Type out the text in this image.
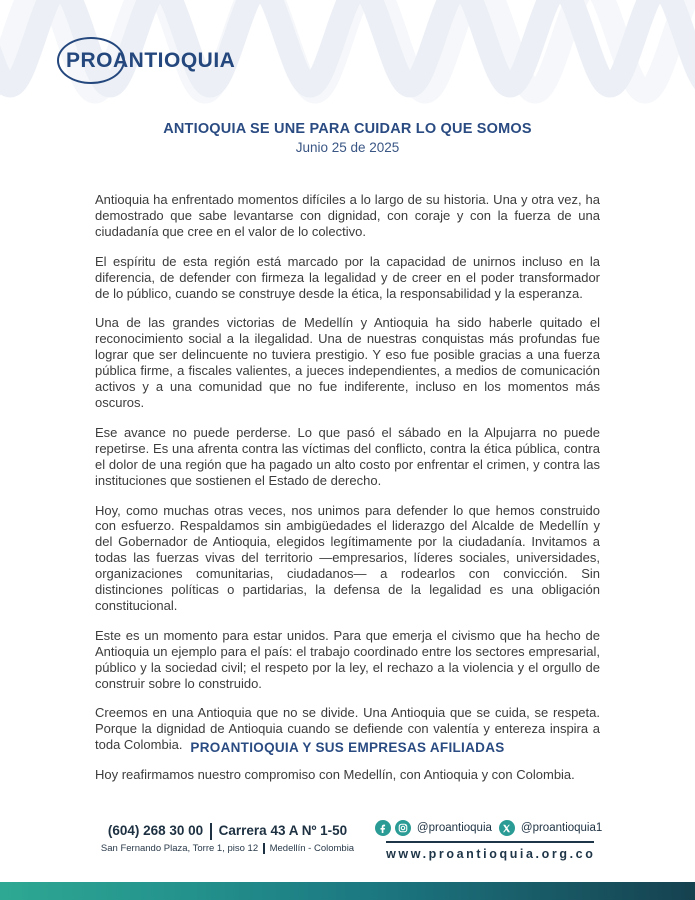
PROANTIOQUIA
ANTIOQUIA SE UNE PARA CUIDAR LO QUE SOMOS
Junio 25 de 2025

Antioquia ha enfrentado momentos difíciles a lo largo de su historia. Una y otra vez, ha demostrado que sabe levantarse con dignidad, con coraje y con la fuerza de una ciudadanía que cree en el valor de lo colectivo.

El espíritu de esta región está marcado por la capacidad de unirnos incluso en la diferencia, de defender con firmeza la legalidad y de creer en el poder transformador de lo público, cuando se construye desde la ética, la responsabilidad y la esperanza.

Una de las grandes victorias de Medellín y Antioquia ha sido haberle quitado el reconocimiento social a la ilegalidad. Una de nuestras conquistas más profundas fue lograr que ser delincuente no tuviera prestigio. Y eso fue posible gracias a una fuerza pública firme, a fiscales valientes, a jueces independientes, a medios de comunicación activos y a una comunidad que no fue indiferente, incluso en los momentos más oscuros.

Ese avance no puede perderse. Lo que pasó el sábado en la Alpujarra no puede repetirse. Es una afrenta contra las víctimas del conflicto, contra la ética pública, contra el dolor de una región que ha pagado un alto costo por enfrentar el crimen, y contra las instituciones que sostienen el Estado de derecho.

Hoy, como muchas otras veces, nos unimos para defender lo que hemos construido con esfuerzo. Respaldamos sin ambigüedades el liderazgo del Alcalde de Medellín y del Gobernador de Antioquia, elegidos legítimamente por la ciudadanía. Invitamos a todas las fuerzas vivas del territorio —empresarios, líderes sociales, universidades, organizaciones comunitarias, ciudadanos— a rodearlos con convicción. Sin distinciones políticas o partidarias, la defensa de la legalidad es una obligación constitucional.

Este es un momento para estar unidos. Para que emerja el civismo que ha hecho de Antioquia un ejemplo para el país: el trabajo coordinado entre los sectores empresarial, público y la sociedad civil; el respeto por la ley, el rechazo a la violencia y el orgullo de construir sobre lo construido.

Creemos en una Antioquia que no se divide. Una Antioquia que se cuida, se respeta. Porque la dignidad de Antioquia cuando se defiende con valentía y entereza inspira a toda Colombia.

Hoy reafirmamos nuestro compromiso con Medellín, con Antioquia y con Colombia.

PROANTIOQUIA Y SUS EMPRESAS AFILIADAS
(604) 268 30 00 Carrera 43 A Nº 1-50
San Fernando Plaza, Torre 1, piso 12 Medellín - Colombia
@proantioquia	@proantioquia1
www.proantioquia.org.co
